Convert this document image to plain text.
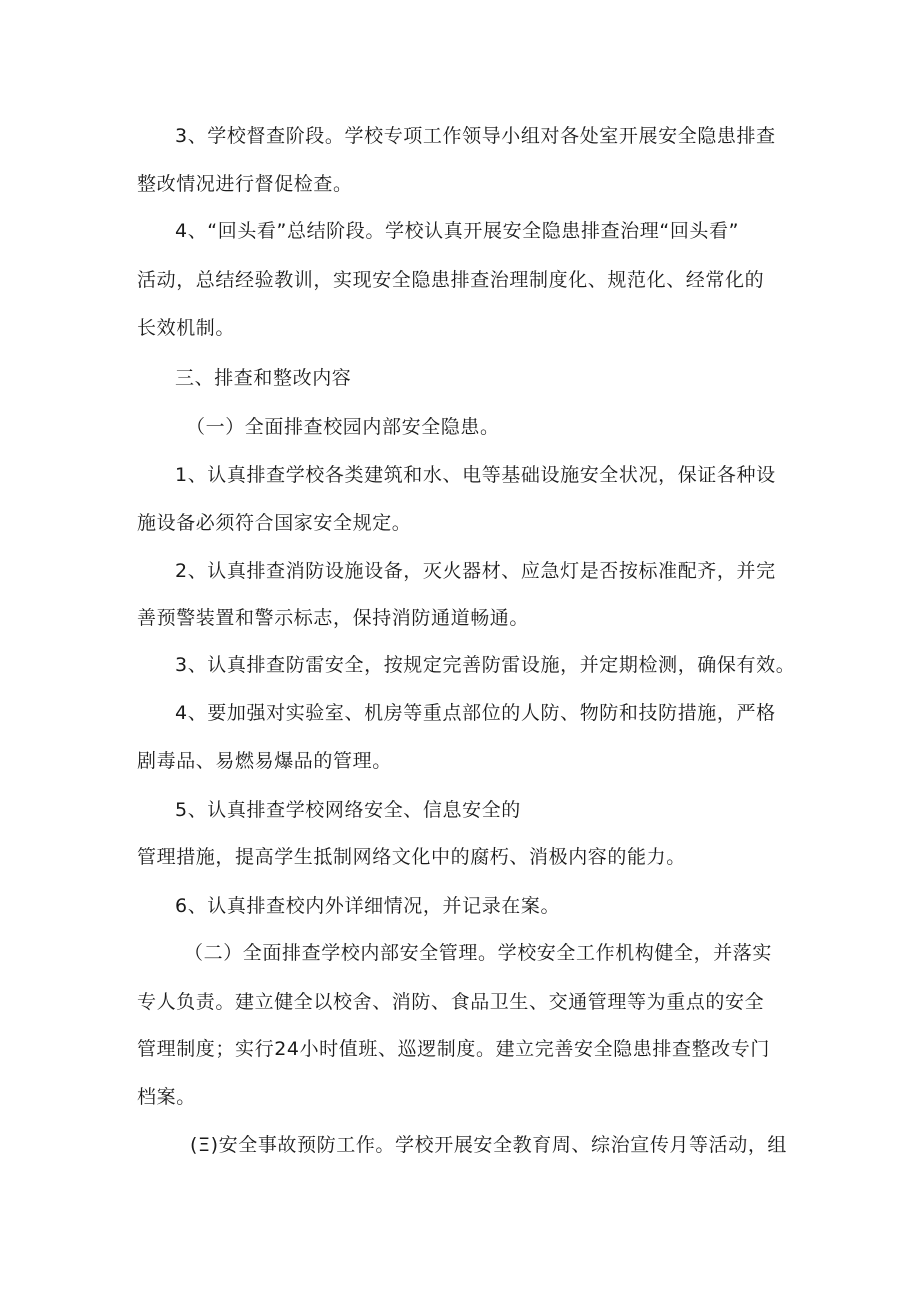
3、学校督查阶段。学校专项工作领导小组对各处室开展安全隐患排查
整改情况进行督促检查。
4、“回头看”总结阶段。学校认真开展安全隐患排查治理“回头看”
活动，总结经验教训，实现安全隐患排查治理制度化、规范化、经常化的
长效机制。
三、排查和整改内容
（一）全面排查校园内部安全隐患。
1、认真排查学校各类建筑和水、电等基础设施安全状况，保证各种设
施设备必须符合国家安全规定。
2、认真排查消防设施设备，灭火器材、应急灯是否按标准配齐，并完
善预警装置和警示标志，保持消防通道畅通。
3、认真排查防雷安全，按规定完善防雷设施，并定期检测，确保有效。
4、要加强对实验室、机房等重点部位的人防、物防和技防措施，严格
剧毒品、易燃易爆品的管理。
5、认真排查学校网络安全、信息安全的
管理措施，提高学生抵制网络文化中的腐朽、消极内容的能力。
6、认真排查校内外详细情况，并记录在案。
（二）全面排查学校内部安全管理。学校安全工作机构健全，并落实
专人负责。建立健全以校舍、消防、食品卫生、交通管理等为重点的安全
管理制度；实行24小时值班、巡逻制度。建立完善安全隐患排查整改专门
档案。
(Ξ)安全事故预防工作。学校开展安全教育周、综治宣传月等活动，组
